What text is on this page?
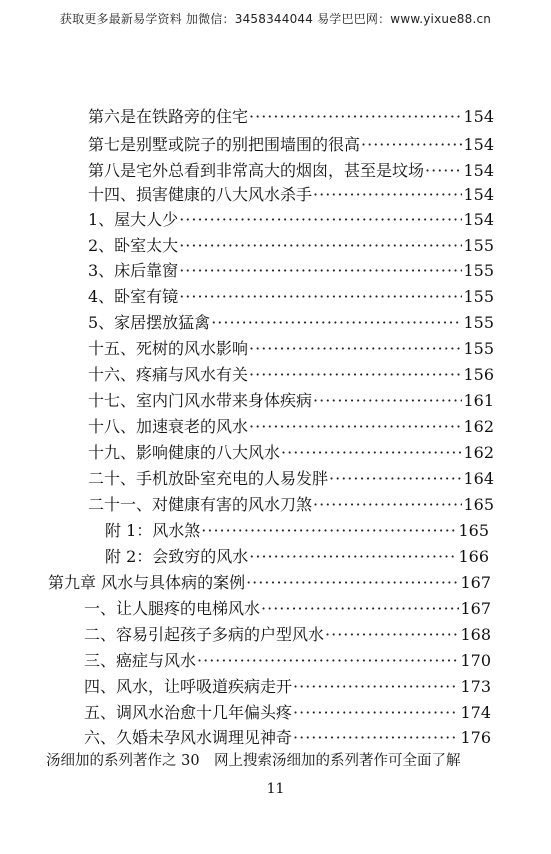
获取更多最新易学资料 加微信：3458344044 易学巴巴网：www.yixue88.cn
第六是在铁路旁的住宅 ·····	154
第七是别墅或院子的别把围墙围的很高 ·····	154
第八是宅外总看到非常高大的烟囱，甚至是坟场 ····· 154
十四、损害健康的八大风水杀手 ·····	154
1、屋大人少 ·····	154
2、卧室太大 ·····	155
3、床后靠窗 ·····	155
4、卧室有镜 ·····	155
5、家居摆放猛禽 ·····	155
十五、死树的风水影响 ·····	155
十六、疼痛与风水有关 ·····	156
十七、室内门风水带来身体疾病 ·····	161
十八、加速衰老的风水 ·····	162
十九、影响健康的八大风水 ·····	162
二十、手机放卧室充电的人易发胖 ·····	164
二十一、对健康有害的风水刀煞 ·····	165
附 1：风水煞 ·····	165
附 2：会致穷的风水 ·····	166
第九章 风水与具体病的案例 ·····	167
一、让人腿疼的电梯风水 ·····	167
二、容易引起孩子多病的户型风水 ·····	168
三、癌症与风水 ·····	170
四、风水，让呼吸道疾病走开 ·····	173
五、调风水治愈十几年偏头疼 ·····	174
六、久婚未孕风水调理见神奇 ·····	176
汤细加的系列著作之 30　网上搜索汤细加的系列著作可全面了解
11
